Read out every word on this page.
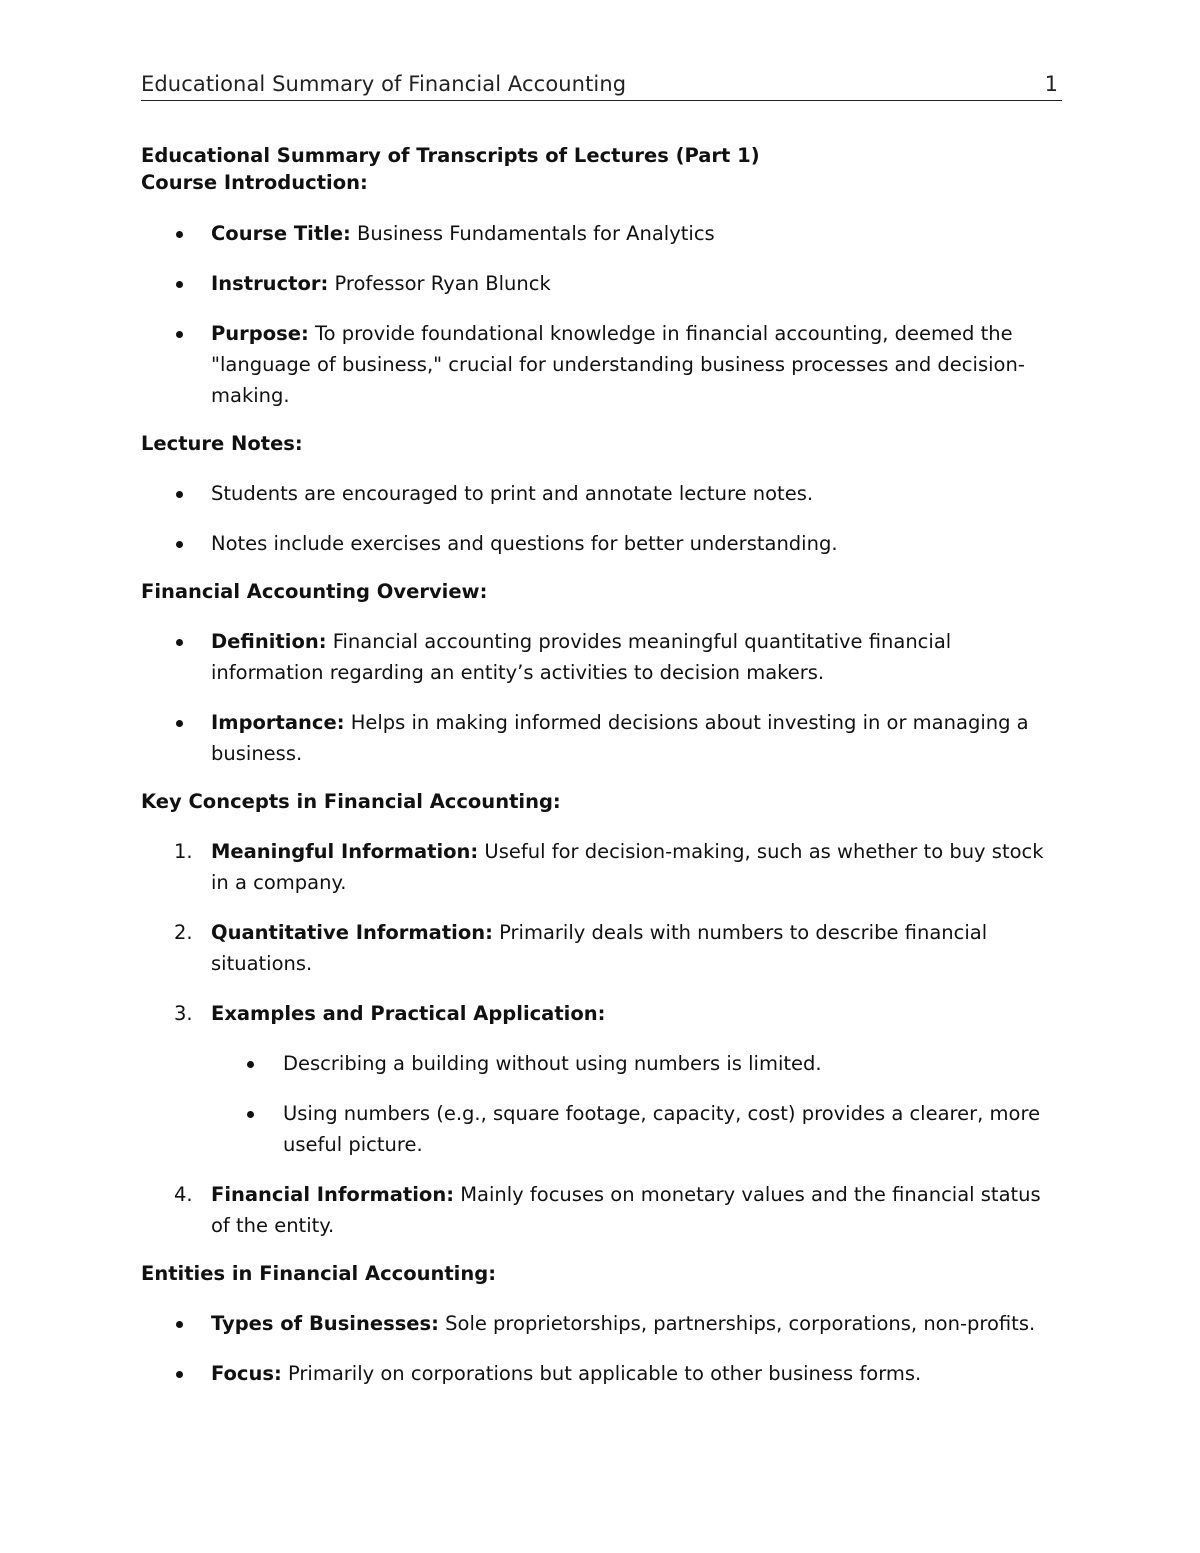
Educational Summary of Financial Accounting	1

Educational Summary of Transcripts of Lectures (Part 1)

Course Introduction:

Course Title: Business Fundamentals for Analytics
Instructor: Professor Ryan Blunck
Purpose: To provide foundational knowledge in financial accounting, deemed the "language of business," crucial for understanding business processes and decision-making.

Lecture Notes:

Students are encouraged to print and annotate lecture notes.
Notes include exercises and questions for better understanding.

Financial Accounting Overview:

Definition: Financial accounting provides meaningful quantitative financial information regarding an entity’s activities to decision makers.
Importance: Helps in making informed decisions about investing in or managing a business.

Key Concepts in Financial Accounting:

1. Meaningful Information: Useful for decision-making, such as whether to buy stock in a company.
2. Quantitative Information: Primarily deals with numbers to describe financial situations.
3. Examples and Practical Application:
Describing a building without using numbers is limited.
Using numbers (e.g., square footage, capacity, cost) provides a clearer, more useful picture.
4. Financial Information: Mainly focuses on monetary values and the financial status of the entity.

Entities in Financial Accounting:

Types of Businesses: Sole proprietorships, partnerships, corporations, non-profits.
Focus: Primarily on corporations but applicable to other business forms.
